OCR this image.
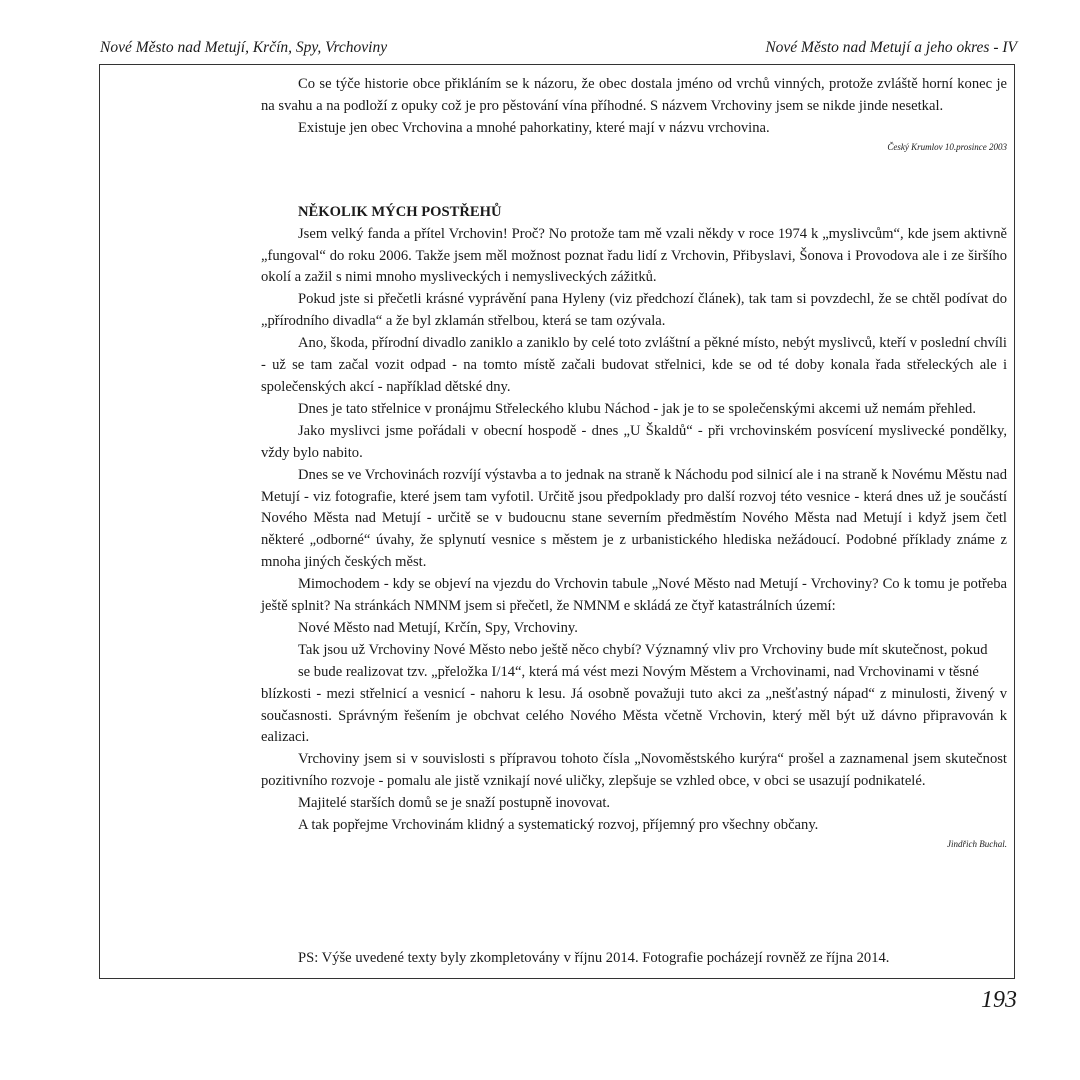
Nové Město nad Metují, Krčín, Spy, Vrchoviny	Nové Město nad Metují a jeho okres - IV

Co se týče historie obce přikláním se k názoru, že obec dostala jméno od vrchů vinných, protože zvláště horní konec je na svahu a na podloží z opuky což je pro pěstování vína příhodné. S názvem Vrchoviny jsem se nikde jinde nesetkal.

Existuje jen obec Vrchovina a mnohé pahorkatiny, které mají v názvu vrchovina.

Český Krumlov 10.prosince 2003

NĚKOLIK MÝCH POSTŘEHŮ

Jsem velký fanda a přítel Vrchovin! Proč? No protože tam mě vzali někdy v roce 1974 k „myslivcům“, kde jsem aktivně „fungoval“ do roku 2006. Takže jsem měl možnost poznat řadu lidí z Vrchovin, Přibyslavi, Šonova i Provodova ale i ze širšího okolí a zažil s nimi mnoho mysliveckých i nemysliveckých zážitků.

Pokud jste si přečetli krásné vyprávění pana Hyleny (viz předchozí článek), tak tam si povzdechl, že se chtěl podívat do „přírodního divadla“ a že byl zklamán střelbou, která se tam ozývala.

Ano, škoda, přírodní divadlo zaniklo a zaniklo by celé toto zvláštní a pěkné místo, nebýt myslivců, kteří v poslední chvíli - už se tam začal vozit odpad - na tomto místě začali budovat střelnici, kde se od té doby konala řada střeleckých ale i společenských akcí - například dětské dny.

Dnes je tato střelnice v pronájmu Střeleckého klubu Náchod - jak je to se společenskými akcemi už nemám přehled.

Jako myslivci jsme pořádali v obecní hospodě - dnes „U Škaldů“ - při vrchovinském posvícení myslivecké pondělky, vždy bylo nabito.

Dnes se ve Vrchovinách rozvíjí výstavba a to jednak na straně k Náchodu pod silnicí ale i na straně k Novému Městu nad Metují - viz fotografie, které jsem tam vyfotil. Určitě jsou předpoklady pro další rozvoj této vesnice - která dnes už je součástí Nového Města nad Metují - určitě se v budoucnu stane severním předměstím Nového Města nad Metují i když jsem četl některé „odborné“ úvahy, že splynutí vesnice s městem je z urbanistického hlediska nežádoucí. Podobné příklady známe z mnoha jiných českých měst.

Mimochodem - kdy se objeví na vjezdu do Vrchovin tabule „Nové Město nad Metují - Vrchoviny? Co k tomu je potřeba ještě splnit? Na stránkách NMNM jsem si přečetl, že NMNM e skládá ze čtyř katastrálních území:

Nové Město nad Metují, Krčín, Spy, Vrchoviny.

Tak jsou už Vrchoviny Nové Město nebo ještě něco chybí? Významný vliv pro Vrchoviny bude mít skutečnost, pokud

se bude realizovat tzv. „přeložka I/14“, která má vést mezi Novým Městem a Vrchovinami, nad Vrchovinami v těsné

blízkosti - mezi střelnicí a vesnicí - nahoru k lesu. Já osobně považuji tuto akci za „nešťastný nápad“ z minulosti, živený v současnosti. Správným řešením je obchvat celého Nového Města včetně Vrchovin, který měl být už dávno připravován k ealizaci.

Vrchoviny jsem si v souvislosti s přípravou tohoto čísla „Novoměstského kurýra“ prošel a zaznamenal jsem skutečnost pozitivního rozvoje - pomalu ale jistě vznikají nové uličky, zlepšuje se vzhled obce, v obci se usazují podnikatelé.

Majitelé starších domů se je snaží postupně inovovat.

A tak popřejme Vrchovinám klidný a systematický rozvoj, příjemný pro všechny občany.

Jindřich Buchal.

PS: Výše uvedené texty byly zkompletovány v říjnu 2014. Fotografie pocházejí rovněž ze října 2014.
193
